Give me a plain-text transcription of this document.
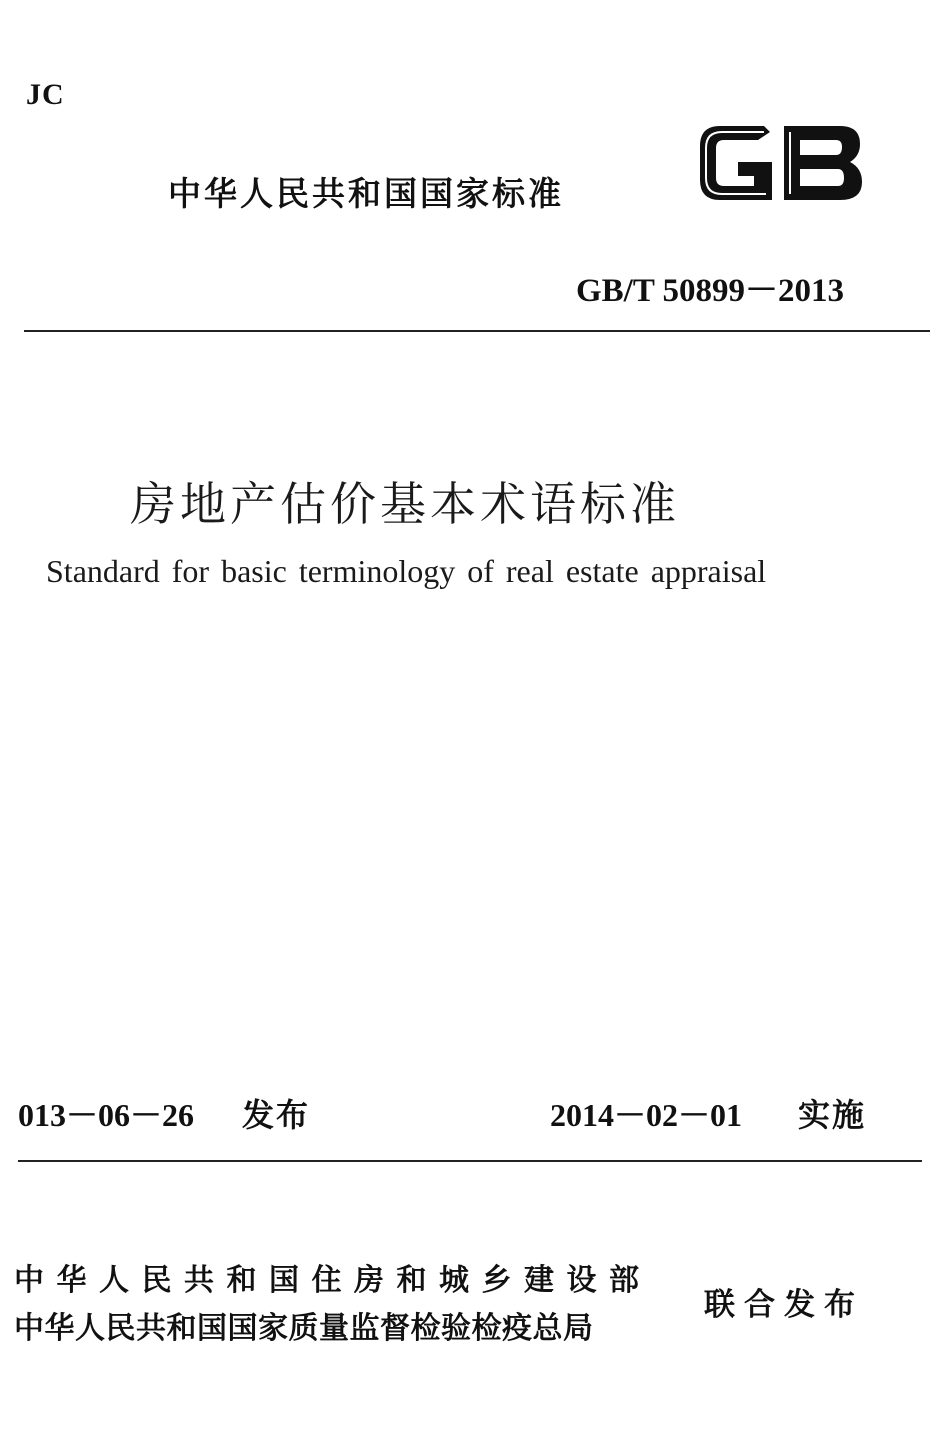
JC
中华人民共和国国家标准
GB/T 50899－2013
房地产估价基本术语标准
Standard for basic terminology of real estate appraisal
013－06－26 发布	2014－02－01 实施
中华人民共和国住房和城乡建设部
中华人民共和国国家质量监督检验检疫总局
联合发布
